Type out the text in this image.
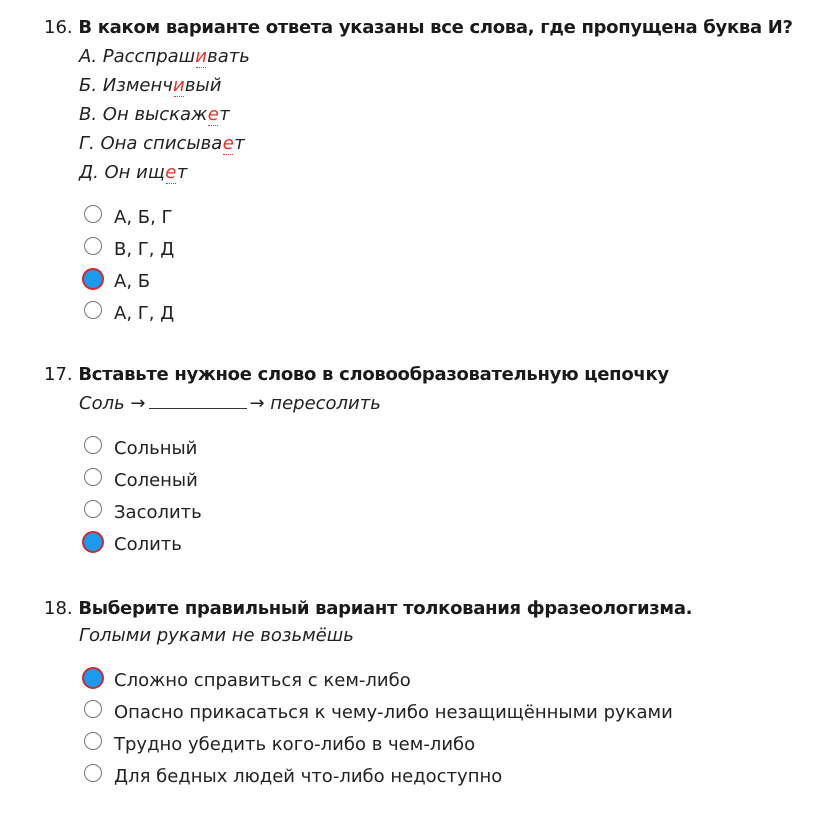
16. В каком варианте ответа указаны все слова, где пропущена буква И?
А. Расспраши
вать
Б. Изменчи
вый
В. Он выскаже
т
Г. Она списывае
т
Д. Он ище
т
А, Б, Г
В, Г, Д
А, Б
А, Г, Д
17. Вставьте нужное слово в словообразовательную цепочку
Соль →	→ пересолить
Сольный
Соленый
Засолить
Солить
18. Выберите правильный вариант толкования фразеологизма.
Голыми руками не возьмёшь
Сложно справиться с кем-либо
Опасно прикасаться к чему-либо незащищёнными руками
Трудно убедить кого-либо в чем-либо
Для бедных людей что-либо недоступно
